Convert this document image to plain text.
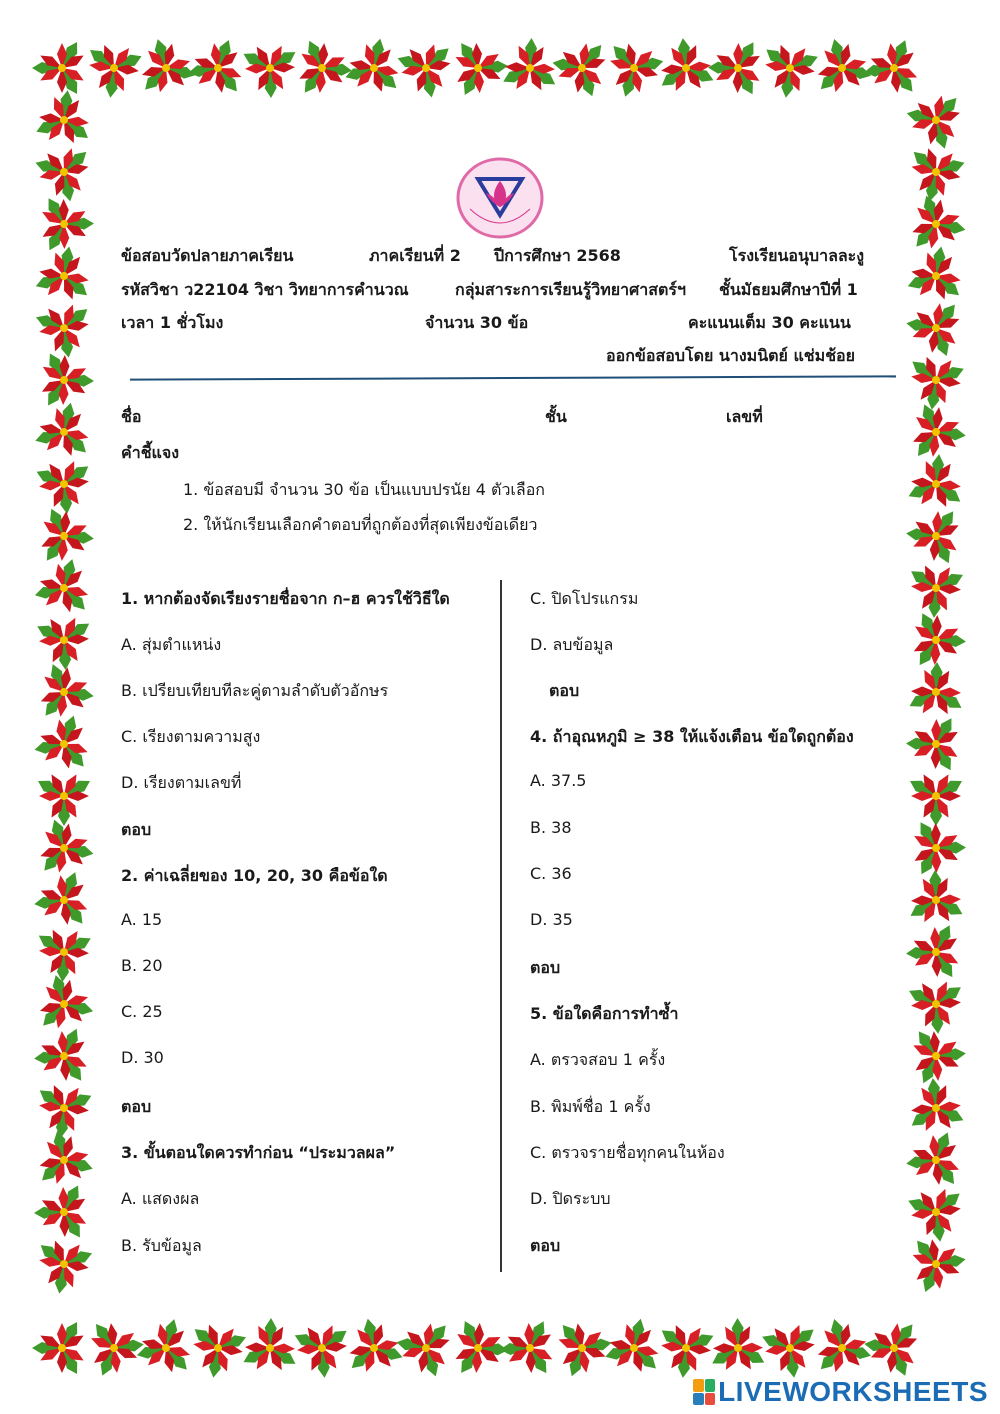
ข้อสอบวัดปลายภาคเรียน	ภาคเรียนที่ 2 ปีการศึกษา 2568	โรงเรียนอนุบาลละงู
รหัสวิชา ว22104 วิชา วิทยาการคำนวณ	กลุ่มสาระการเรียนรู้วิทยาศาสตร์ฯ ชั้นมัธยมศึกษาปีที่ 1
เวลา 1 ชั่วโมง	จำนวน 30 ข้อ	คะแนนเต็ม 30 คะแนน
ออกข้อสอบโดย นางมนิตย์ แช่มช้อย
ชื่อ	ชั้น	เลขที่
คำชี้แจง
1. ข้อสอบมี จำนวน 30 ข้อ เป็นแบบปรนัย 4 ตัวเลือก
2. ให้นักเรียนเลือกคำตอบที่ถูกต้องที่สุดเพียงข้อเดียว
1. หากต้องจัดเรียงรายชื่อจาก ก–ฮ ควรใช้วิธีใด
A. สุ่มตำแหน่ง
B. เปรียบเทียบทีละคู่ตามลำดับตัวอักษร
C. เรียงตามความสูง
D. เรียงตามเลขที่
ตอบ
2. ค่าเฉลี่ยของ 10, 20, 30 คือข้อใด
A. 15
B. 20
C. 25
D. 30
ตอบ
3. ขั้นตอนใดควรทำก่อน “ประมวลผล”
A. แสดงผล
B. รับข้อมูล
C. ปิดโปรแกรม
D. ลบข้อมูล
ตอบ
4. ถ้าอุณหภูมิ ≥ 38 ให้แจ้งเตือน ข้อใดถูกต้อง
A. 37.5
B. 38
C. 36
D. 35
ตอบ
5. ข้อใดคือการทำซ้ำ
A. ตรวจสอบ 1 ครั้ง
B. พิมพ์ชื่อ 1 ครั้ง
C. ตรวจรายชื่อทุกคนในห้อง
D. ปิดระบบ
ตอบ
LIVEWORKSHEETS
